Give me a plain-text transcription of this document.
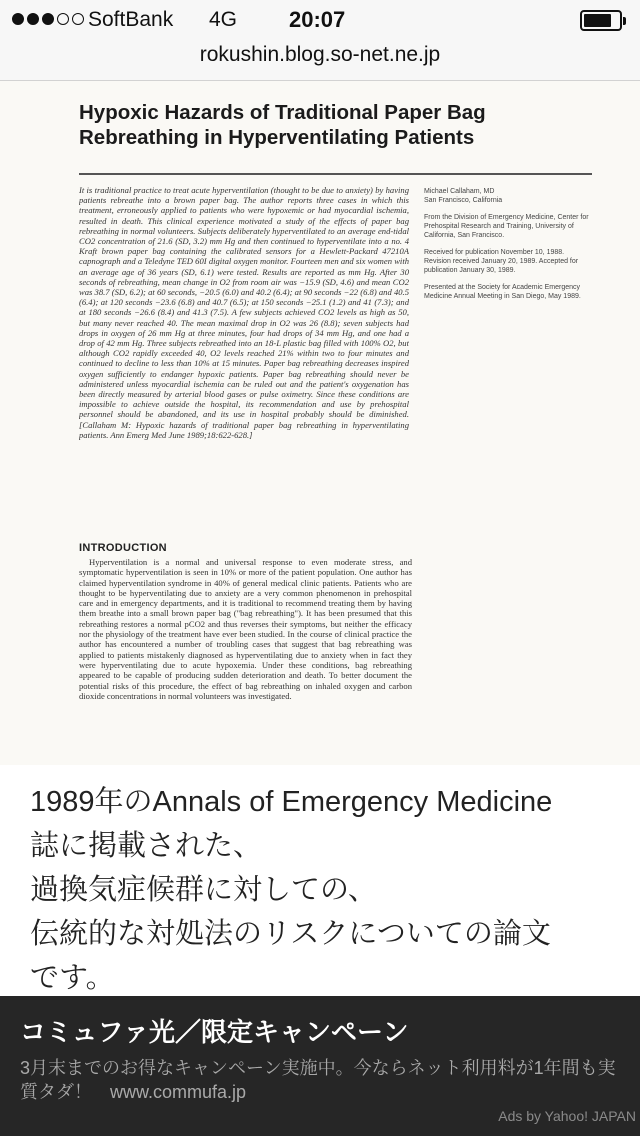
SoftBank 4G 20:07
rokushin.blog.so-net.ne.jp
Hypoxic Hazards of Traditional Paper Bag Rebreathing in Hyperventilating Patients
It is traditional practice to treat acute hyperventilation (thought to be due to anxiety) by having patients rebreathe into a brown paper bag. The author reports three cases in which this treatment, erroneously applied to patients who were hypoxemic or had myocardial ischemia, resulted in death. This clinical experience motivated a study of the effects of paper bag rebreathing in normal volunteers. Subjects deliberately hyperventilated to an average end-tidal CO2 concentration of 21.6 (SD, 3.2) mm Hg and then continued to hyperventilate into a no. 4 Kraft brown paper bag containing the calibrated sensors for a Hewlett-Packard 47210A capnograph and a Teledyne TED 60I digital oxygen monitor. Fourteen men and six women with an average age of 36 years (SD, 6.1) were tested. Results are reported as mm Hg. After 30 seconds of rebreathing, mean change in O2 from room air was −15.9 (SD, 4.6) and mean CO2 was 38.7 (SD, 6.2); at 60 seconds, −20.5 (6.0) and 40.2 (6.4); at 90 seconds −22 (6.8) and 40.5 (6.4); at 120 seconds −23.6 (6.8) and 40.7 (6.5); at 150 seconds −25.1 (1.2) and 41 (7.3); and at 180 seconds −26.6 (8.4) and 41.3 (7.5). A few subjects achieved CO2 levels as high as 50, but many never reached 40. The mean maximal drop in O2 was 26 (8.8); seven subjects had drops in oxygen of 26 mm Hg at three minutes, four had drops of 34 mm Hg, and one had a drop of 42 mm Hg. Three subjects rebreathed into an 18-L plastic bag filled with 100% O2, but although CO2 rapidly exceeded 40, O2 levels reached 21% within two to four minutes and continued to decline to less than 10% at 15 minutes. Paper bag rebreathing decreases inspired oxygen sufficiently to endanger hypoxic patients. Paper bag rebreathing should never be administered unless myocardial ischemia can be ruled out and the patient's oxygenation has been directly measured by arterial blood gases or pulse oximetry. Since these conditions are impossible to achieve outside the hospital, its recommendation and use by prehospital personnel should be abandoned, and its use in hospital probably should be diminished. [Callaham M: Hypoxic hazards of traditional paper bag rebreathing in hyperventilating patients. Ann Emerg Med June 1989;18:622-628.]
Michael Callaham, MD
San Francisco, California
From the Division of Emergency Medicine, Center for Prehospital Research and Training, University of California, San Francisco.
Received for publication November 10, 1988. Revision received January 20, 1989. Accepted for publication January 30, 1989.
Presented at the Society for Academic Emergency Medicine Annual Meeting in San Diego, May 1989.
INTRODUCTION
Hyperventilation is a normal and universal response to even moderate stress, and symptomatic hyperventilation is seen in 10% or more of the patient population. One author has claimed hyperventilation syndrome in 40% of general medical clinic patients. Patients who are thought to be hyperventilating due to anxiety are a very common phenomenon in prehospital care and in emergency departments, and it is traditional to recommend treating them by having them breathe into a small brown paper bag ("bag rebreathing"). It has been presumed that this rebreathing restores a normal pCO2 and thus reverses their symptoms, but neither the efficacy nor the physiology of the treatment have ever been studied. In the course of clinical practice the author has encountered a number of troubling cases that suggest that bag rebreathing was applied to patients mistakenly diagnosed as hyperventilating due to anxiety when in fact they were hyperventilating due to acute hypoxemia. Under these conditions, bag rebreathing appeared to be capable of producing sudden deterioration and death. To better document the potential risks of this procedure, the effect of bag rebreathing on inhaled oxygen and carbon dioxide concentrations in normal volunteers was investigated.
1989年のAnnals of Emergency Medicine
誌に掲載された、
過換気症候群に対しての、
伝統的な対処法のリスクについての論文
です。
コミュファ光／限定キャンペーン
3月末までのお得なキャンペーン実施中。今ならネット利用料が1年間も実質タダ！　www.commufa.jp
Ads by Yahoo! JAPAN
